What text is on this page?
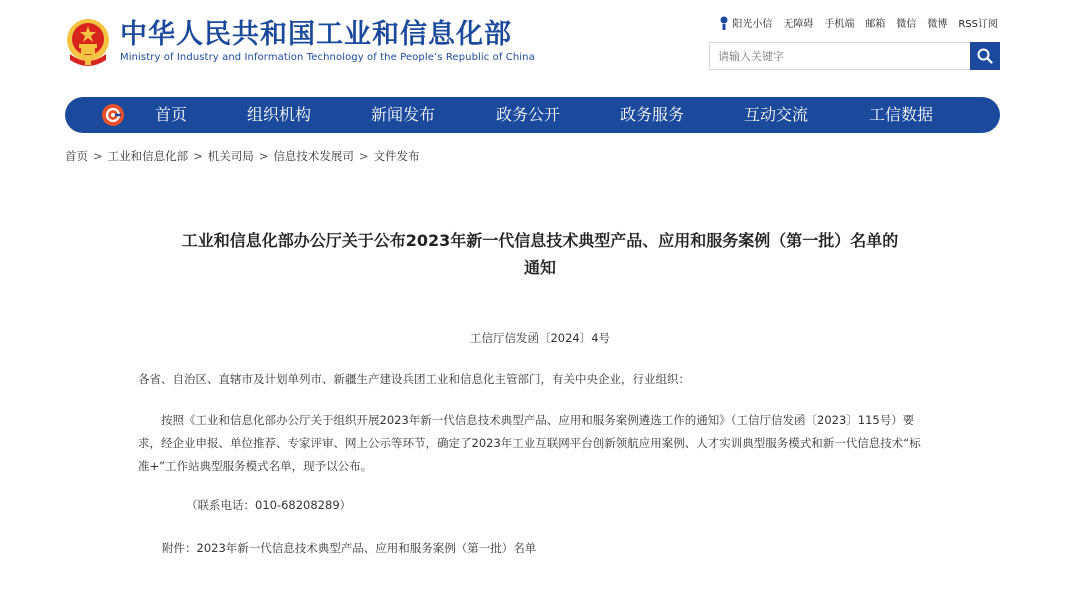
中华人民共和国工业和信息化部
Ministry of Industry and Information Technology of the People’s Republic of China
阳光小信 无障碍 手机端 邮箱 微信 微博 RSS订阅
请输入关键字
首页	组织机构	新闻发布	政务公开	政务服务	互动交流	工信数据
首页 > 工业和信息化部 > 机关司局 > 信息技术发展司 > 文件发布
工业和信息化部办公厅关于公布2023年新一代信息技术典型产品、应用和服务案例（第一批）名单的
通知
工信厅信发函〔2024〕4号
各省、自治区、直辖市及计划单列市、新疆生产建设兵团工业和信息化主管部门，有关中央企业，行业组织：
按照《工业和信息化部办公厅关于组织开展2023年新一代信息技术典型产品、应用和服务案例遴选工作的通知》（工信厅信发函〔2023〕115号）要求，经企业申报、单位推荐、专家评审、网上公示等环节，确定了2023年工业互联网平台创新领航应用案例、人才实训典型服务模式和新一代信息技术“标准+”工作站典型服务模式名单，现予以公布。
（联系电话：010-68208289）
附件：2023年新一代信息技术典型产品、应用和服务案例（第一批）名单
